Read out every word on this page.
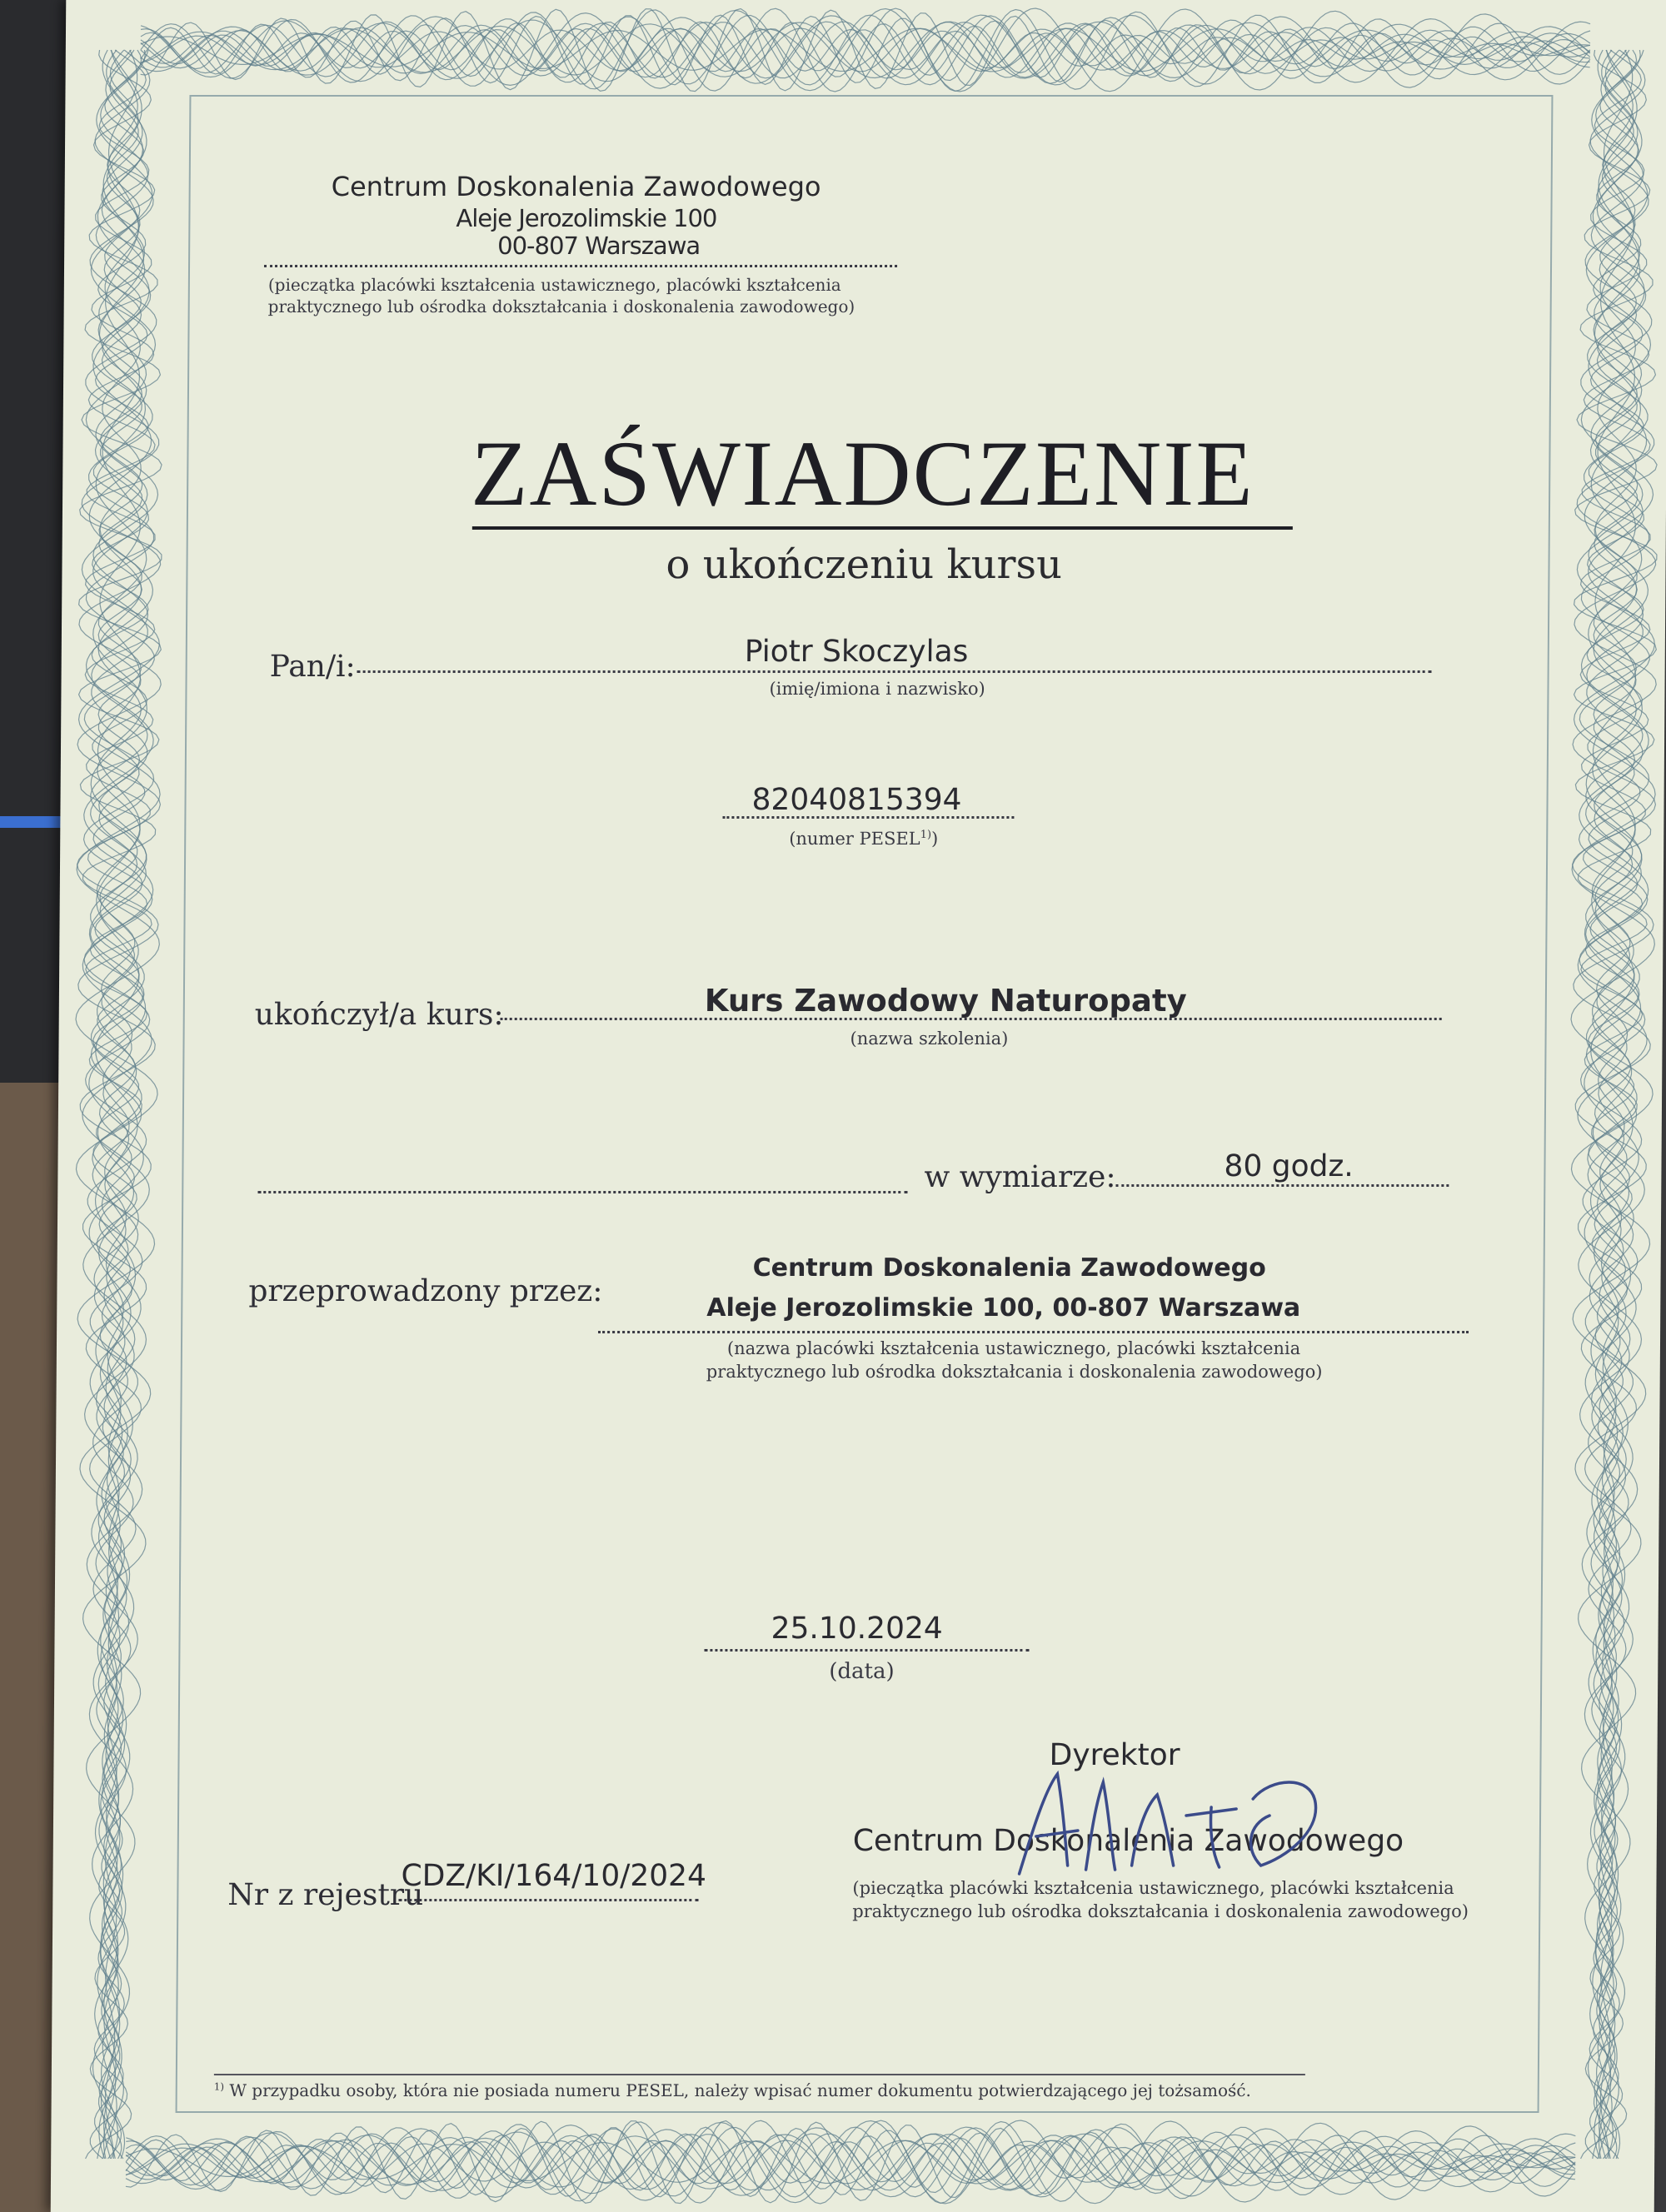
Centrum Doskonalenia Zawodowego
Aleje Jerozolimskie 100
00-807 Warszawa
(pieczątka placówki kształcenia ustawicznego, placówki kształcenia
praktycznego lub ośrodka dokształcania i doskonalenia zawodowego)
ZAŚWIADCZENIE
o ukończeniu kursu
Pan/i:	Piotr Skoczylas
(imię/imiona i nazwisko)
82040815394
(numer PESEL$^{1)}$)
ukończył/a kurs:	Kurs Zawodowy Naturopaty
(nazwa szkolenia)
w wymiarze:	80 godz.
przeprowadzony przez:
Centrum Doskonalenia Zawodowego
Aleje Jerozolimskie 100, 00-807 Warszawa
(nazwa placówki kształcenia ustawicznego, placówki kształcenia
praktycznego lub ośrodka dokształcania i doskonalenia zawodowego)
25.10.2024
(data)
Dyrektor
Centrum Doskonalenia Zawodowego
(pieczątka placówki kształcenia ustawicznego, placówki kształcenia
praktycznego lub ośrodka dokształcania i doskonalenia zawodowego)
Nr z rejestru
CDZ/KI/164/10/2024
$^{1)}$ W przypadku osoby, która nie posiada numeru PESEL, należy wpisać numer dokumentu potwierdzającego jej tożsamość.
